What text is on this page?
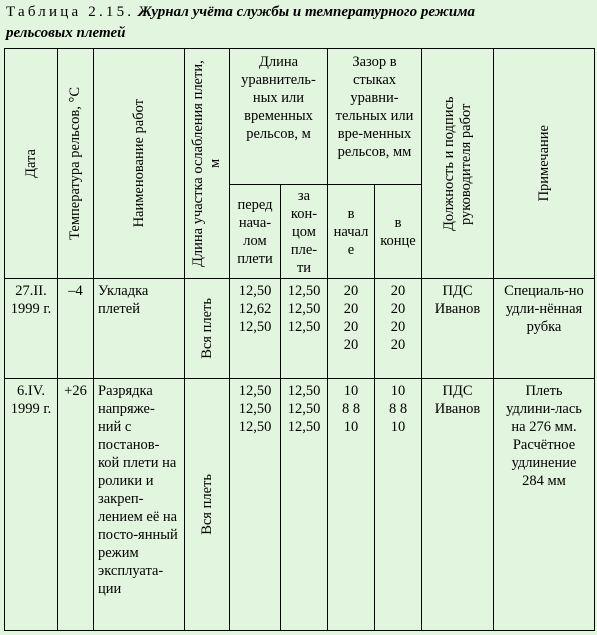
Таблица 2.15. Журнал учёта службы и температурного режима
рельсовых плетей
Дата	Температура рельсов, °С	Наименование работ	Длина участка ослабления плети, м	Длина уравнитель-ных или временных рельсов, м		Зазор в стыках уравни-тельных или вре-менных рельсов, мм		Должность и подпись руководителя работ	Примечание

				перед нача-лом плети	за кон-цом пле-ти	в начале	в конце		

27.II. 1999 г.	–4	Укладка плетей	Вся плеть	12,50 12,62 12,50	12,50 12,50 12,50	20 20 20 20	20 20 20 20	ПДС Иванов	Специаль-но удли-нённая рубка

6.IV. 1999 г.	+26	Разрядка напряже-ний с постанов-кой плети на ролики и закреп-лением её на посто-янный режим эксплуата-ции	Вся плеть	12,50 12,50 12,50	12,50 12,50 12,50	10 8 8 10	10 8 8 10	ПДС Иванов	Плеть удлини-лась на 276 мм. Расчётное удлинение 284 мм
